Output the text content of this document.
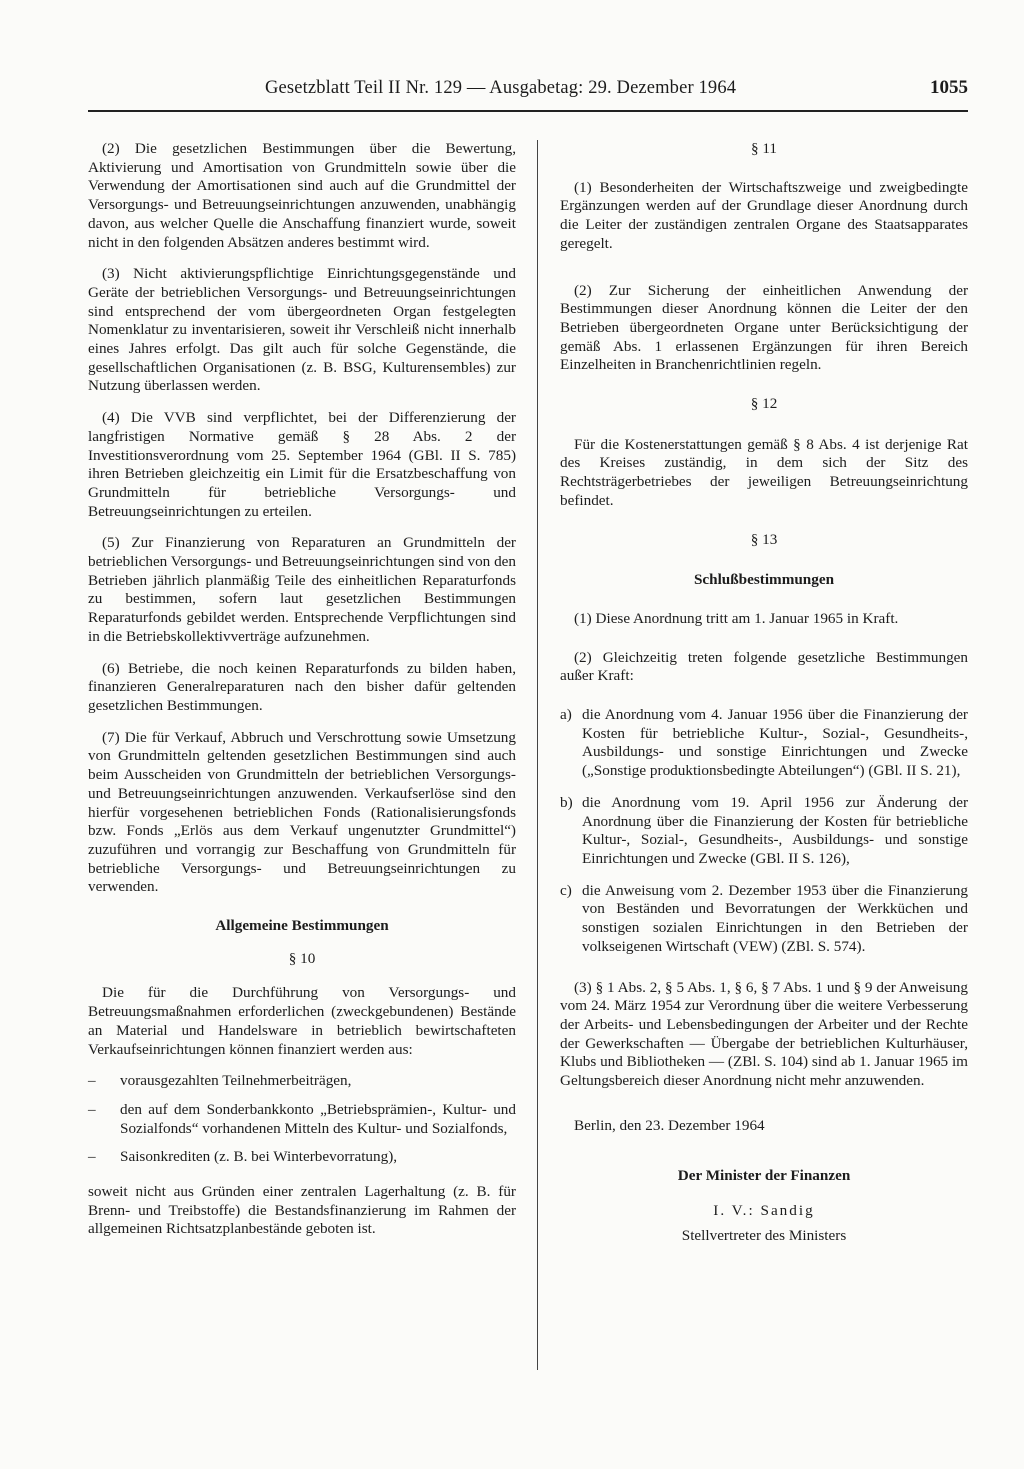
Gesetzblatt Teil II Nr. 129 — Ausgabetag: 29. Dezember 1964	1055

(2) Die gesetzlichen Bestimmungen über die Bewertung, Aktivierung und Amortisation von Grundmitteln sowie über die Verwendung der Amortisationen sind auch auf die Grundmittel der Versorgungs- und Betreuungseinrichtungen anzuwenden, unabhängig davon, aus welcher Quelle die Anschaffung finanziert wurde, soweit nicht in den folgenden Absätzen anderes bestimmt wird.

(3) Nicht aktivierungspflichtige Einrichtungsgegenstände und Geräte der betrieblichen Versorgungs- und Betreuungseinrichtungen sind entsprechend der vom übergeordneten Organ festgelegten Nomenklatur zu inventarisieren, soweit ihr Verschleiß nicht innerhalb eines Jahres erfolgt. Das gilt auch für solche Gegenstände, die gesellschaftlichen Organisationen (z. B. BSG, Kulturensembles) zur Nutzung überlassen werden.

(4) Die VVB sind verpflichtet, bei der Differenzierung der langfristigen Normative gemäß § 28 Abs. 2 der Investitionsverordnung vom 25. September 1964 (GBl. II S. 785) ihren Betrieben gleichzeitig ein Limit für die Ersatzbeschaffung von Grundmitteln für betriebliche Versorgungs- und Betreuungseinrichtungen zu erteilen.

(5) Zur Finanzierung von Reparaturen an Grundmitteln der betrieblichen Versorgungs- und Betreuungseinrichtungen sind von den Betrieben jährlich planmäßig Teile des einheitlichen Reparaturfonds zu bestimmen, sofern laut gesetzlichen Bestimmungen Reparaturfonds gebildet werden. Entsprechende Verpflichtungen sind in die Betriebskollektivverträge aufzunehmen.

(6) Betriebe, die noch keinen Reparaturfonds zu bilden haben, finanzieren Generalreparaturen nach den bisher dafür geltenden gesetzlichen Bestimmungen.

(7) Die für Verkauf, Abbruch und Verschrottung sowie Umsetzung von Grundmitteln geltenden gesetzlichen Bestimmungen sind auch beim Ausscheiden von Grundmitteln der betrieblichen Versorgungs- und Betreuungseinrichtungen anzuwenden. Verkaufserlöse sind den hierfür vorgesehenen betrieblichen Fonds (Rationalisierungsfonds bzw. Fonds „Erlös aus dem Verkauf ungenutzter Grundmittel“) zuzuführen und vorrangig zur Beschaffung von Grundmitteln für betriebliche Versorgungs- und Betreuungseinrichtungen zu verwenden.

Allgemeine Bestimmungen

§ 10

Die für die Durchführung von Versorgungs- und Betreuungsmaßnahmen erforderlichen (zweckgebundenen) Bestände an Material und Handelsware in betrieblich bewirtschafteten Verkaufseinrichtungen können finanziert werden aus:

– vorausgezahlten Teilnehmerbeiträgen,
– den auf dem Sonderbankkonto „Betriebsprämien-, Kultur- und Sozialfonds“ vorhandenen Mitteln des Kultur- und Sozialfonds,
– Saisonkrediten (z. B. bei Winterbevorratung),

soweit nicht aus Gründen einer zentralen Lagerhaltung (z. B. für Brenn- und Treibstoffe) die Bestandsfinanzierung im Rahmen der allgemeinen Richtsatzplanbestände geboten ist.

§ 11

(1) Besonderheiten der Wirtschaftszweige und zweigbedingte Ergänzungen werden auf der Grundlage dieser Anordnung durch die Leiter der zuständigen zentralen Organe des Staatsapparates geregelt.

(2) Zur Sicherung der einheitlichen Anwendung der Bestimmungen dieser Anordnung können die Leiter der den Betrieben übergeordneten Organe unter Berücksichtigung der gemäß Abs. 1 erlassenen Ergänzungen für ihren Bereich Einzelheiten in Branchenrichtlinien regeln.

§ 12

Für die Kostenerstattungen gemäß § 8 Abs. 4 ist derjenige Rat des Kreises zuständig, in dem sich der Sitz des Rechtsträgerbetriebes der jeweiligen Betreuungseinrichtung befindet.

§ 13

Schlußbestimmungen

(1) Diese Anordnung tritt am 1. Januar 1965 in Kraft.

(2) Gleichzeitig treten folgende gesetzliche Bestimmungen außer Kraft:

a) die Anordnung vom 4. Januar 1956 über die Finanzierung der Kosten für betriebliche Kultur-, Sozial-, Gesundheits-, Ausbildungs- und sonstige Einrichtungen und Zwecke („Sonstige produktionsbedingte Abteilungen“) (GBl. II S. 21),
b) die Anordnung vom 19. April 1956 zur Änderung der Anordnung über die Finanzierung der Kosten für betriebliche Kultur-, Sozial-, Gesundheits-, Ausbildungs- und sonstige Einrichtungen und Zwecke (GBl. II S. 126),
c) die Anweisung vom 2. Dezember 1953 über die Finanzierung von Beständen und Bevorratungen der Werkküchen und sonstigen sozialen Einrichtungen in den Betrieben der volkseigenen Wirtschaft (VEW) (ZBl. S. 574).

(3) § 1 Abs. 2, § 5 Abs. 1, § 6, § 7 Abs. 1 und § 9 der Anweisung vom 24. März 1954 zur Verordnung über die weitere Verbesserung der Arbeits- und Lebensbedingungen der Arbeiter und der Rechte der Gewerkschaften — Übergabe der betrieblichen Kulturhäuser, Klubs und Bibliotheken — (ZBl. S. 104) sind ab 1. Januar 1965 im Geltungsbereich dieser Anordnung nicht mehr anzuwenden.

Berlin, den 23. Dezember 1964

Der Minister der Finanzen

I. V.: Sandig

Stellvertreter des Ministers
